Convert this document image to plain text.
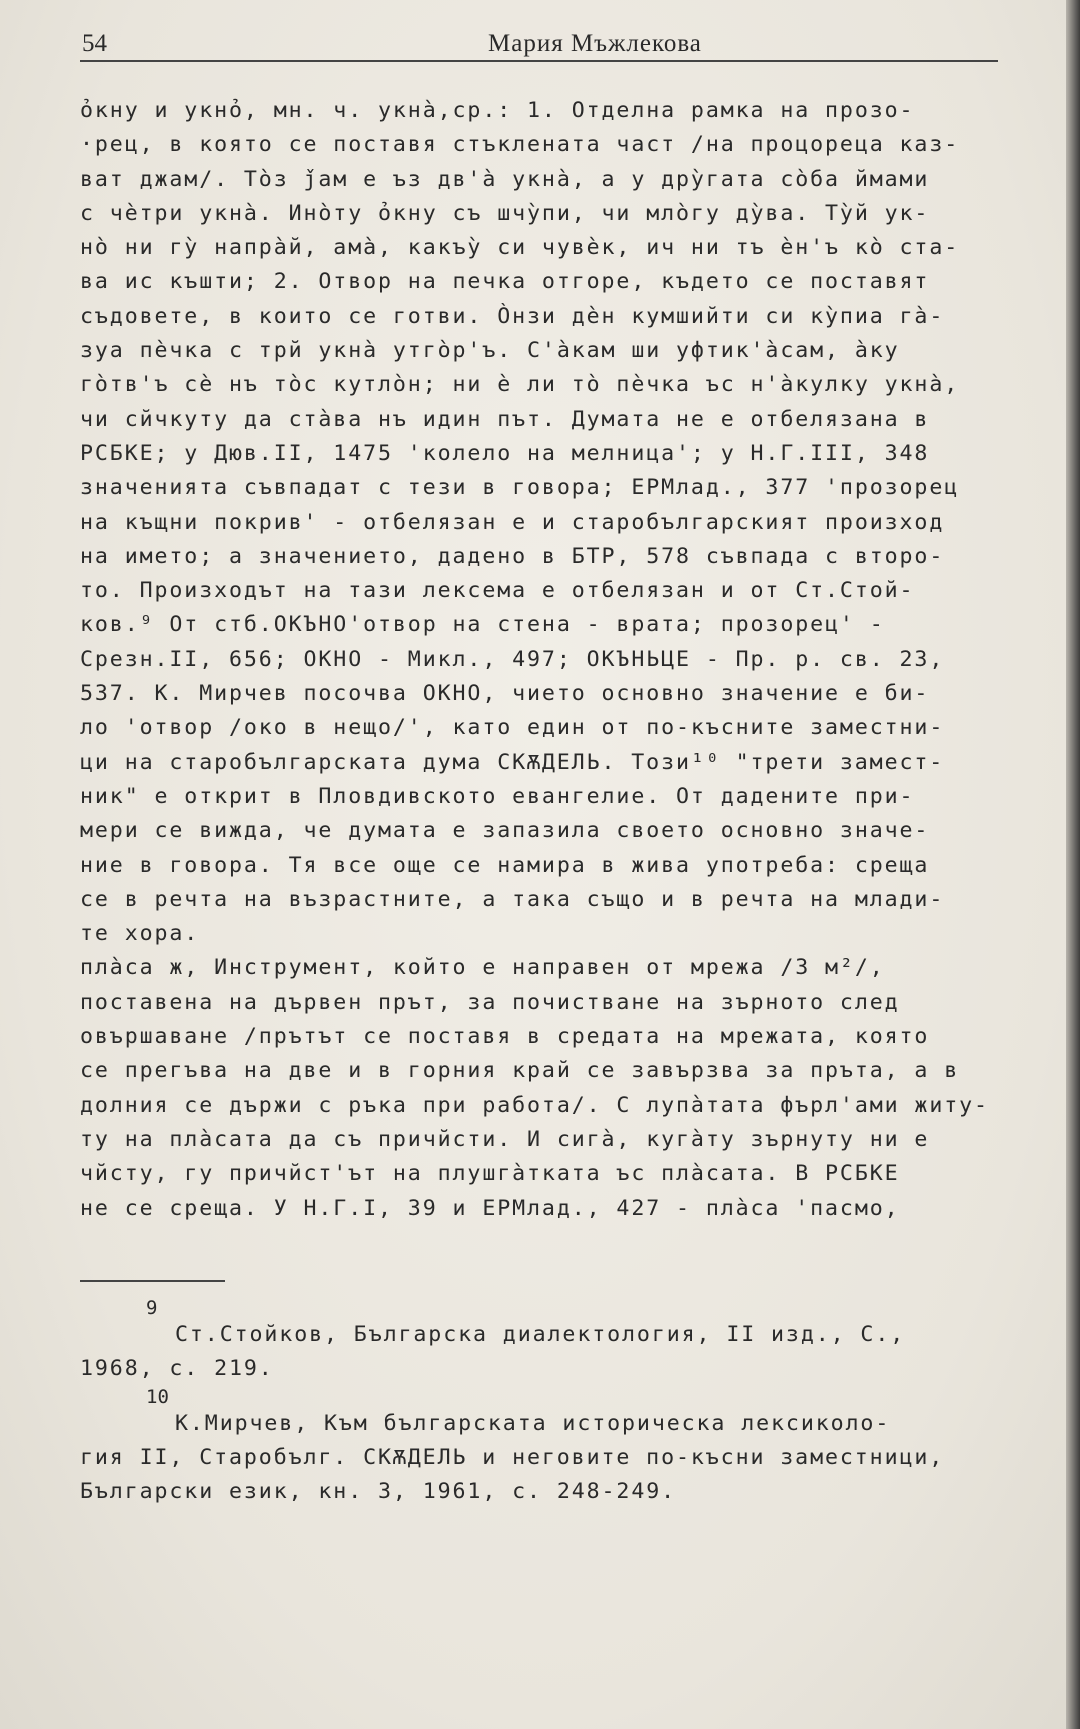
54	Мария Мъжлекова
ỏкну и укнỏ, мн. ч. укнà,ср.: 1. Отделна рамка на прозо-
·рец, в която се поставя стъклената част /на процореца каз-
ват джам/. Тòз ǰам е ъз дв'à укнà, а у дрỳгата сòба ймами
с чèтри укнà. Инòту ỏкну съ шчỳпи, чи млòгу дỳва. Тỳй ук-
нò ни гỳ напрàй, амà, какъỳ си чувèк, ич ни тъ èн'ъ кò ста-
ва ис къшти; 2. Отвор на печка отгоре, където се поставят
съдовете, в които се готви. Òнзи дèн кумшийти си кỳпиа гà-
зуа пèчка с трй укнà утгòр'ъ. С'àкам ши уфтик'àсам, àку
гòтв'ъ сè нъ тòс кутлòн; ни è ли тò пèчка ъс н'àкулку укнà,
чи сйчкуту да стàва нъ идин път. Думата не е отбелязана в
РСБКЕ; у Дюв.II, 1475 'колело на мелница'; у Н.Г.III, 348
значенията съвпадат с тези в говора; ЕРМлад., 377 'прозорец
на къщни покрив' - отбелязан е и старобългарският произход
на името; а значението, дадено в БТР, 578 съвпада с второ-
то. Произходът на тази лексема е отбелязан и от Ст.Стой-
ков.⁹ От стб.ОКЪНО'отвор на стена - врата; прозорец' -
Срезн.II, 656; ОКНО - Микл., 497; ОКЪНЬЦЕ - Пр. р. св. 23,
537. К. Мирчев посочва ОКНО, чието основно значение е би-
ло 'отвор /око в нещо/', като един от по-късните заместни-
ци на старобългарската дума СКѪДЕЛЬ. Този¹⁰ "трети замест-
ник" е открит в Пловдивското евангелие. От дадените при-
мери се вижда, че думата е запазила своето основно значе-
ние в говора. Тя все още се намира в жива употреба: среща
се в речта на възрастните, а така също и в речта на млади-
те хора.
плàса ж, Инструмент, който е направен от мрежа /3 м²/,
поставена на дървен прът, за почистване на зърното след
овършаване /прътът се поставя в средата на мрежата, която
се прегъва на две и в горния край се завързва за пръта, а в
долния се държи с ръка при работа/. С лупàтата фърл'ами житу-
ту на плàсата да съ причйсти. И сигà, кугàту зърнуту ни е
чйсту, гу причйст'ът на плушгàтката ъс плàсата. В РСБКЕ
не се среща. У Н.Г.I, 39 и ЕРМлад., 427 - плàса 'пасмо,
9
Ст.Стойков, Българска диалектология, II изд., С.,
1968, с. 219.
10
К.Мирчев, Към българската историческа лексиколо-
гия II, Старобълг. СКѪДЕЛЬ и неговите по-късни заместници,
Български език, кн. 3, 1961, с. 248-249.
